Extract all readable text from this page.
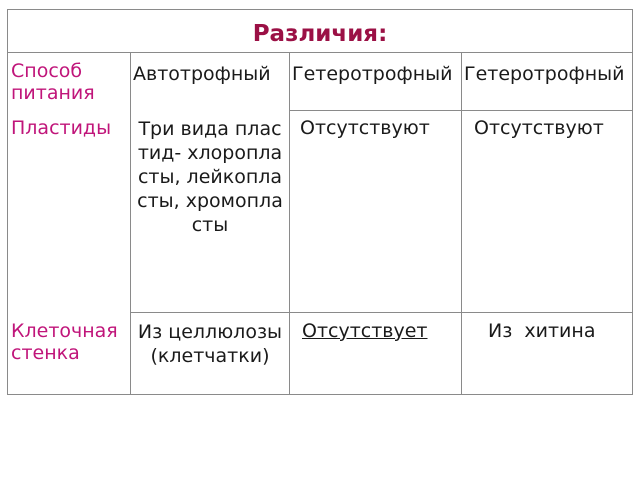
Различия:
Способ питания
Пластиды
Клеточная стенка
Автотрофный Гетеротрофный Гетеротрофный
Три вида пластид- хлоропласты, лейкопласты, хромопласты
Отсутствуют	Отсутствуют
Из целлюлозы (клетчатки)
Отсутствует	Из  хитина
